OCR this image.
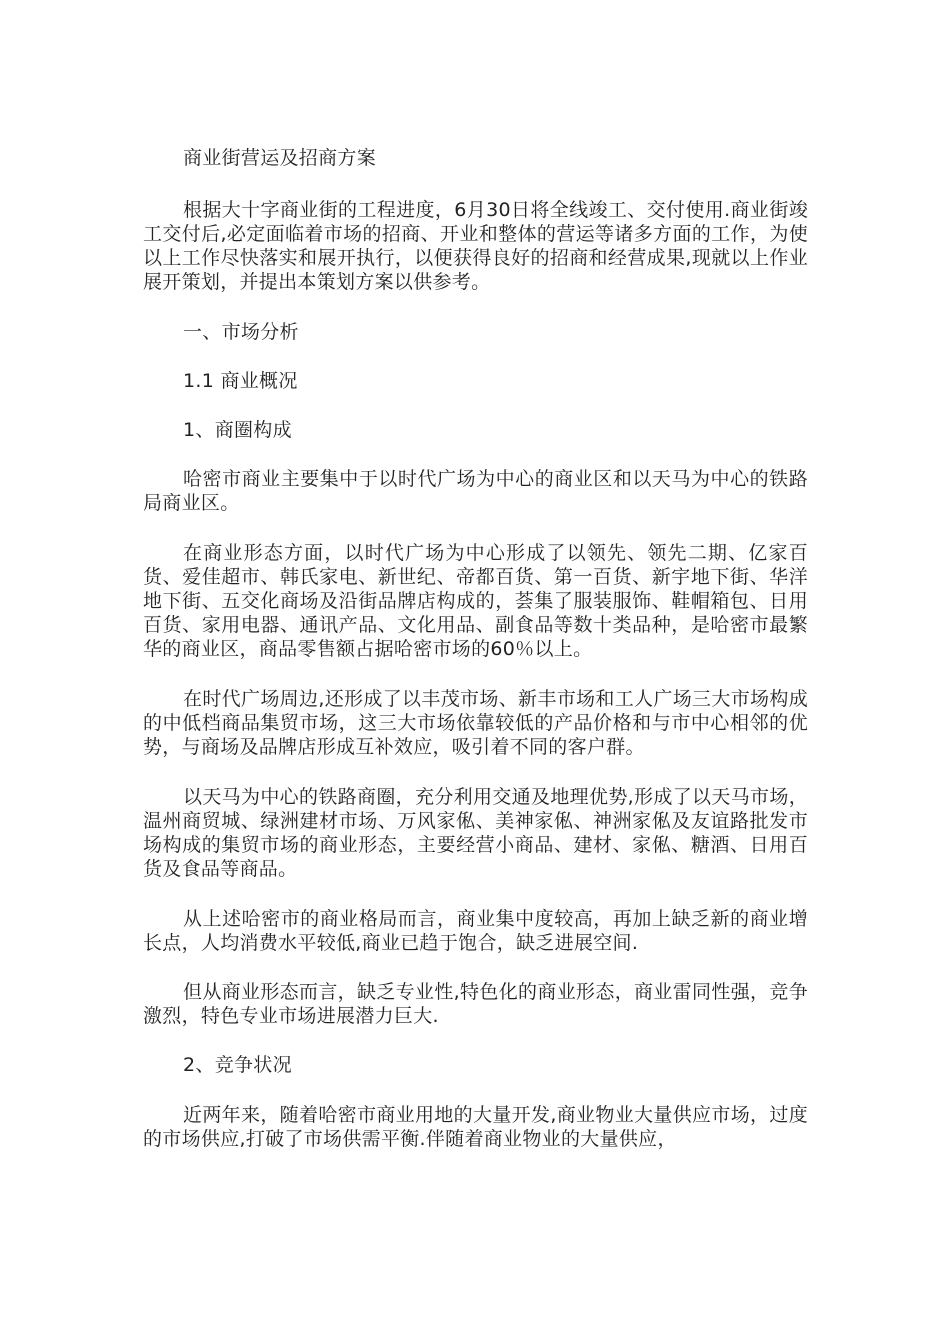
商业街营运及招商方案

根据大十字商业街的工程进度，6月30日将全线竣工、交付使用.商业街竣工交付后,必定面临着市场的招商、开业和整体的营运等诸多方面的工作，为使以上工作尽快落实和展开执行，以便获得良好的招商和经营成果,现就以上作业展开策划，并提出本策划方案以供参考。

一、市场分析

1.1 商业概况

1、商圈构成

哈密市商业主要集中于以时代广场为中心的商业区和以天马为中心的铁路局商业区。

在商业形态方面，以时代广场为中心形成了以领先、领先二期、亿家百货、爱佳超市、韩氏家电、新世纪、帝都百货、第一百货、新宇地下街、华洋地下街、五交化商场及沿街品牌店构成的，荟集了服装服饰、鞋帽箱包、日用百货、家用电器、通讯产品、文化用品、副食品等数十类品种，是哈密市最繁华的商业区，商品零售额占据哈密市场的60％以上。

在时代广场周边,还形成了以丰茂市场、新丰市场和工人广场三大市场构成的中低档商品集贸市场，这三大市场依靠较低的产品价格和与市中心相邻的优势，与商场及品牌店形成互补效应，吸引着不同的客户群。

以天马为中心的铁路商圈，充分利用交通及地理优势,形成了以天马市场，温州商贸城、绿洲建材市场、万风家俬、美神家俬、神洲家俬及友谊路批发市场构成的集贸市场的商业形态，主要经营小商品、建材、家俬、糖酒、日用百货及食品等商品。

从上述哈密市的商业格局而言，商业集中度较高，再加上缺乏新的商业增长点，人均消费水平较低,商业已趋于饱合，缺乏进展空间.

但从商业形态而言，缺乏专业性,特色化的商业形态，商业雷同性强，竞争激烈，特色专业市场进展潜力巨大.

2、竞争状况

近两年来，随着哈密市商业用地的大量开发,商业物业大量供应市场，过度的市场供应,打破了市场供需平衡.伴随着商业物业的大量供应，
